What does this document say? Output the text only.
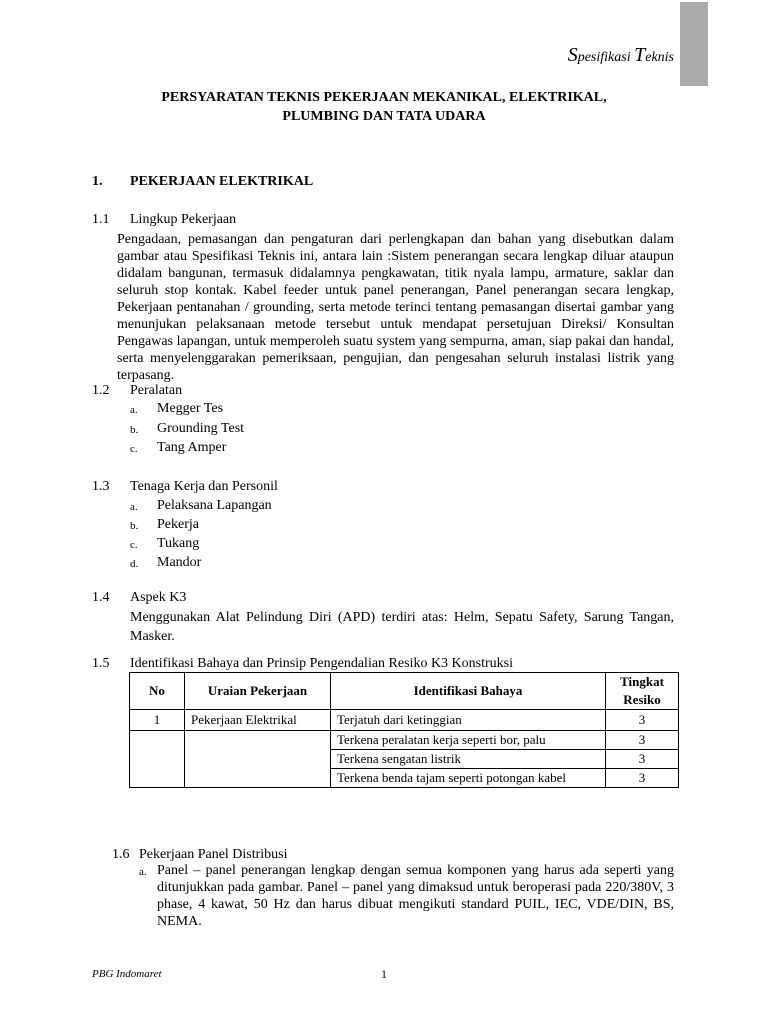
Spesifikasi Teknis
PERSYARATAN TEKNIS PEKERJAAN MEKANIKAL, ELEKTRIKAL,
PLUMBING DAN TATA UDARA
1. PEKERJAAN ELEKTRIKAL
1.1 Lingkup Pekerjaan
Pengadaan, pemasangan dan pengaturan dari perlengkapan dan bahan yang disebutkan dalam gambar atau Spesifikasi Teknis ini, antara lain :Sistem penerangan secara lengkap diluar ataupun didalam bangunan, termasuk didalamnya pengkawatan, titik nyala lampu, armature, saklar dan seluruh stop kontak. Kabel feeder untuk panel penerangan, Panel penerangan secara lengkap, Pekerjaan pentanahan / grounding, serta metode terinci tentang pemasangan disertai gambar yang menunjukan pelaksanaan metode tersebut untuk mendapat persetujuan Direksi/ Konsultan Pengawas lapangan, untuk memperoleh suatu system yang sempurna, aman, siap pakai dan handal, serta menyelenggarakan pemeriksaan, pengujian, dan pengesahan seluruh instalasi listrik yang terpasang.
1.2 Peralatan
a. Megger Tes
b. Grounding Test
c. Tang Amper
1.3 Tenaga Kerja dan Personil
a. Pelaksana Lapangan
b. Pekerja
c. Tukang
d. Mandor
1.4 Aspek K3
Menggunakan Alat Pelindung Diri (APD) terdiri atas: Helm, Sepatu Safety, Sarung Tangan, Masker.
1.5 Identifikasi Bahaya dan Prinsip Pengendalian Resiko K3 Konstruksi
No	Uraian Pekerjaan	Identifikasi Bahaya	Tingkat Resiko
1	Pekerjaan Elektrikal	Terjatuh dari ketinggian	3
		Terkena peralatan kerja seperti bor, palu	3
		Terkena sengatan listrik	3
		Terkena benda tajam seperti potongan kabel	3
1.6 Pekerjaan Panel Distribusi
a. Panel – panel penerangan lengkap dengan semua komponen yang harus ada seperti yang ditunjukkan pada gambar. Panel – panel yang dimaksud untuk beroperasi pada 220/380V, 3 phase, 4 kawat, 50 Hz dan harus dibuat mengikuti standard PUIL, IEC, VDE/DIN, BS, NEMA.
PBG Indomaret	1
